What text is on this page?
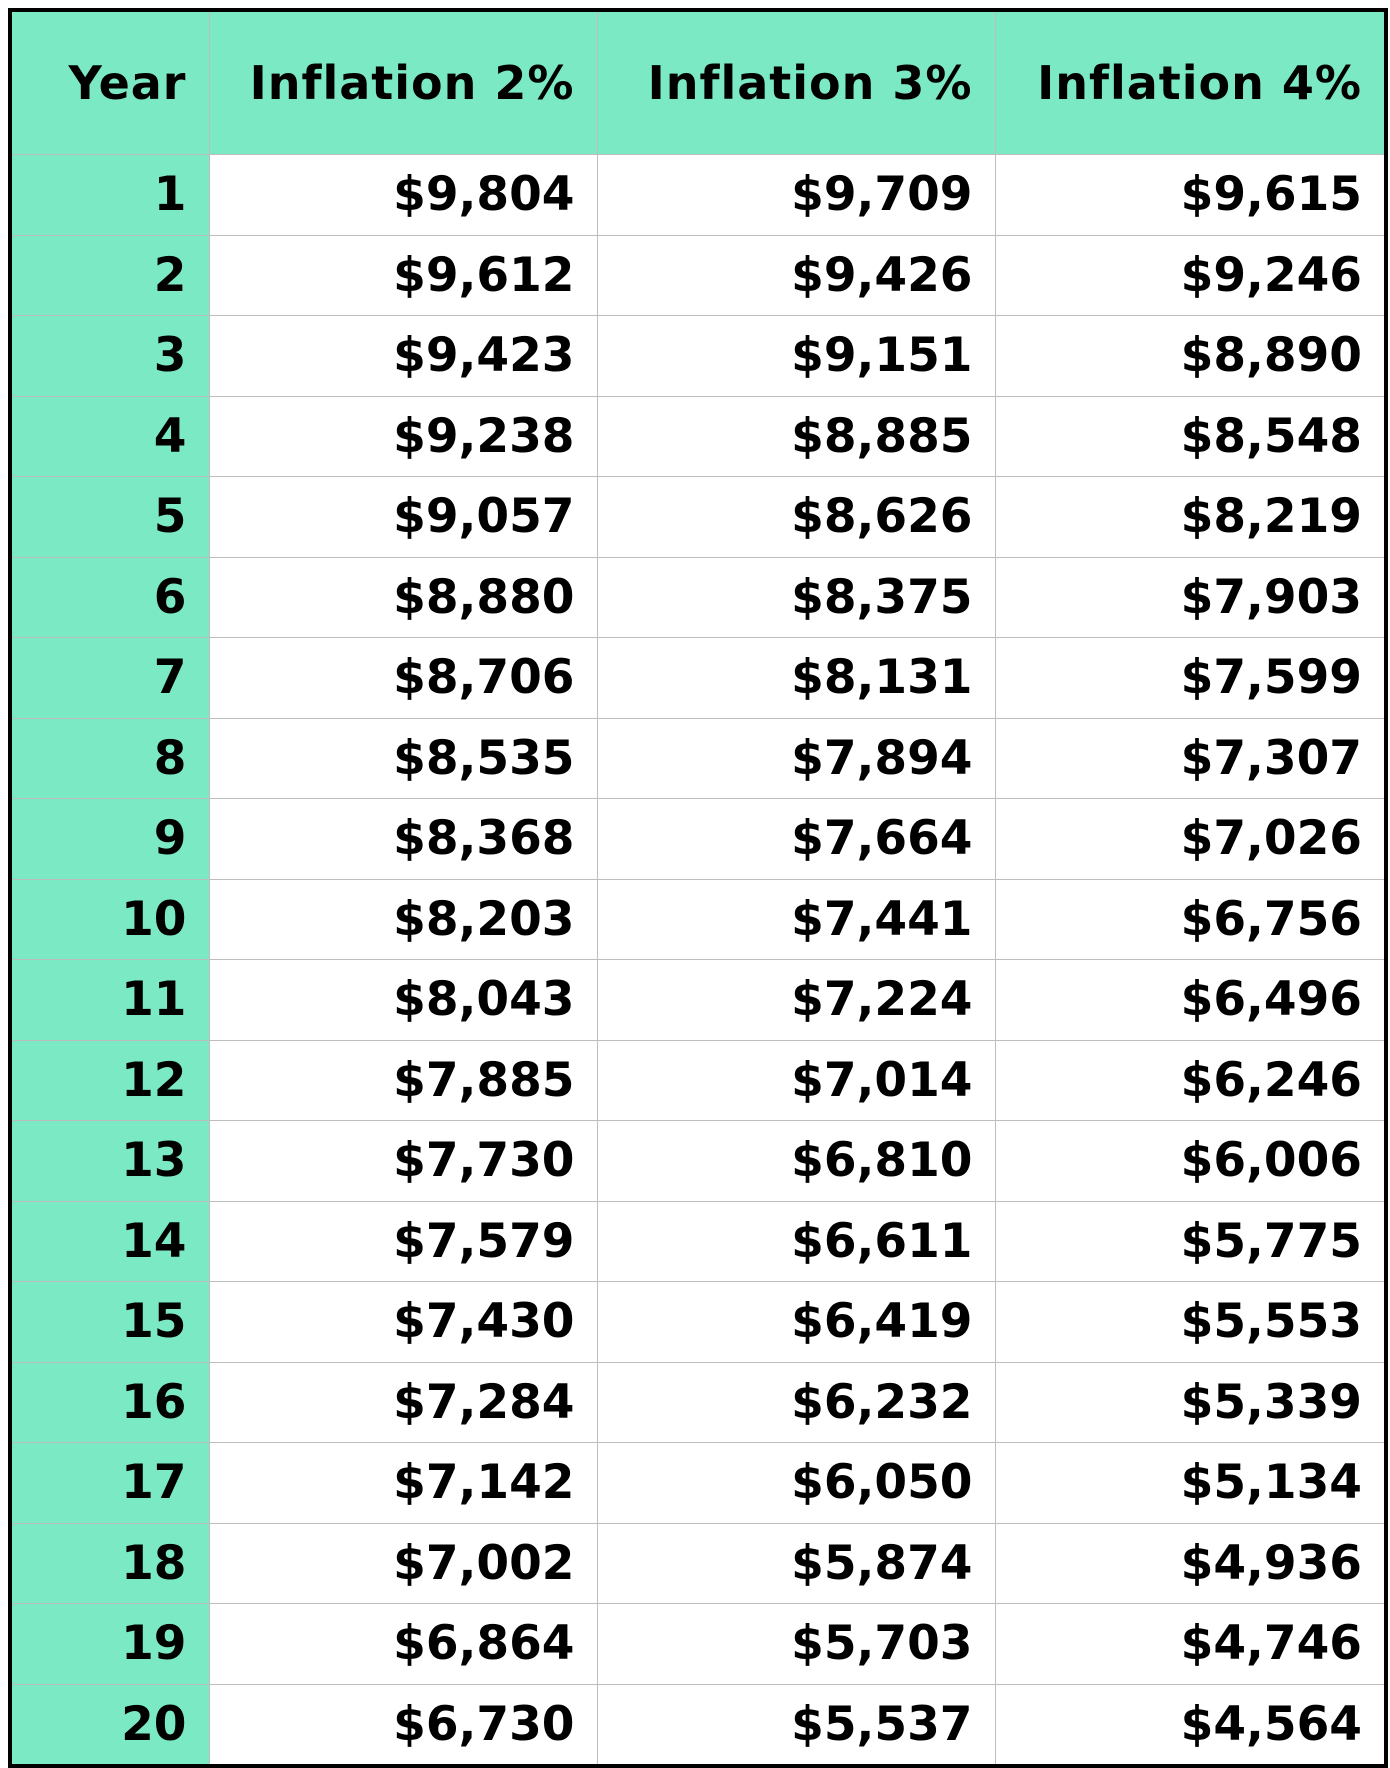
Year	Inflation 2%	Inflation 3%	Inflation 4%
1	$9,804	$9,709	$9,615
2	$9,612	$9,426	$9,246
3	$9,423	$9,151	$8,890
4	$9,238	$8,885	$8,548
5	$9,057	$8,626	$8,219
6	$8,880	$8,375	$7,903
7	$8,706	$8,131	$7,599
8	$8,535	$7,894	$7,307
9	$8,368	$7,664	$7,026
10	$8,203	$7,441	$6,756
11	$8,043	$7,224	$6,496
12	$7,885	$7,014	$6,246
13	$7,730	$6,810	$6,006
14	$7,579	$6,611	$5,775
15	$7,430	$6,419	$5,553
16	$7,284	$6,232	$5,339
17	$7,142	$6,050	$5,134
18	$7,002	$5,874	$4,936
19	$6,864	$5,703	$4,746
20	$6,730	$5,537	$4,564
